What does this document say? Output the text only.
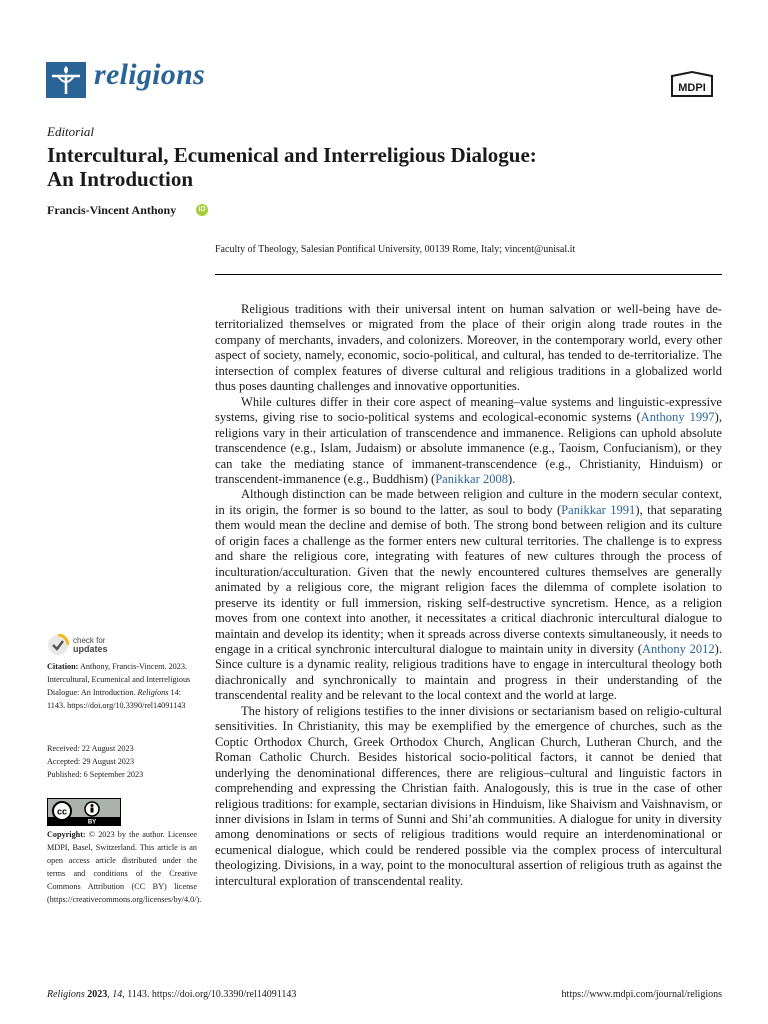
religions	MDPI
Editorial
Intercultural, Ecumenical and Interreligious Dialogue: An Introduction
Francis-Vincent Anthony	iD
Faculty of Theology, Salesian Pontifical University, 00139 Rome, Italy; vincent@unisal.it

Religious traditions with their universal intent on human salvation or well-being have de-territorialized themselves or migrated from the place of their origin along trade routes in the company of merchants, invaders, and colonizers. Moreover, in the contemporary world, every other aspect of society, namely, economic, socio-political, and cultural, has tended to de-territorialize. The intersection of complex features of diverse cultural and religious traditions in a globalized world thus poses daunting challenges and innovative opportunities.

While cultures differ in their core aspect of meaning–value systems and linguistic-expressive systems, giving rise to socio-political systems and ecological-economic systems (Anthony 1997), religions vary in their articulation of transcendence and immanence. Religions can uphold absolute transcendence (e.g., Islam, Judaism) or absolute immanence (e.g., Taoism, Confucianism), or they can take the mediating stance of immanent-transcendence (e.g., Christianity, Hinduism) or transcendent-immanence (e.g., Buddhism) (Panikkar 2008).

Although distinction can be made between religion and culture in the modern secular context, in its origin, the former is so bound to the latter, as soul to body (Panikkar 1991), that separating them would mean the decline and demise of both. The strong bond between religion and its culture of origin faces a challenge as the former enters new cultural territories. The challenge is to express and share the religious core, integrating with features of new cultures through the process of inculturation/acculturation. Given that the newly encountered cultures themselves are generally animated by a religious core, the migrant religion faces the dilemma of complete isolation to preserve its identity or full immersion, risking self-destructive syncretism. Hence, as a religion moves from one context into another, it necessitates a critical diachronic intercultural dialogue to maintain and develop its identity; when it spreads across diverse contexts simultaneously, it needs to engage in a critical synchronic intercultural dialogue to maintain unity in diversity (Anthony 2012). Since culture is a dynamic reality, religious traditions have to engage in intercultural theology both diachronically and synchronically to maintain and progress in their understanding of the transcendental reality and be relevant to the local context and the world at large.

The history of religions testifies to the inner divisions or sectarianism based on religio-cultural sensitivities. In Christianity, this may be exemplified by the emergence of churches, such as the Coptic Orthodox Church, Greek Orthodox Church, Anglican Church, Lutheran Church, and the Roman Catholic Church. Besides historical socio-political factors, it cannot be denied that underlying the denominational differences, there are religious–cultural and linguistic factors in comprehending and expressing the Christian faith. Analogously, this is true in the case of other religious traditions: for example, sectarian divisions in Hinduism, like Shaivism and Vaishnavism, or inner divisions in Islam in terms of Sunni and Shi’ah communities. A dialogue for unity in diversity among denominations or sects of religious traditions would require an interdenominational or ecumenical dialogue, which could be rendered possible via the complex process of intercultural theologizing. Divisions, in a way, point to the monocultural assertion of religious truth as against the intercultural exploration of transcendental reality.

check for
updates
Citation: Anthony, Francis-Vincent. 2023. Intercultural, Ecumenical and Interreligious Dialogue: An Introduction. Religions 14: 1143. https://doi.org/10.3390/rel14091143
Received: 22 August 2023
Accepted: 29 August 2023
Published: 6 September 2023
cc
BY
Copyright: © 2023 by the author. Licensee MDPI, Basel, Switzerland. This article is an open access article distributed under the terms and conditions of the Creative Commons Attribution (CC BY) license (https://creativecommons.org/licenses/by/4.0/).
Religions 2023, 14, 1143. https://doi.org/10.3390/rel14091143	https://www.mdpi.com/journal/religions
